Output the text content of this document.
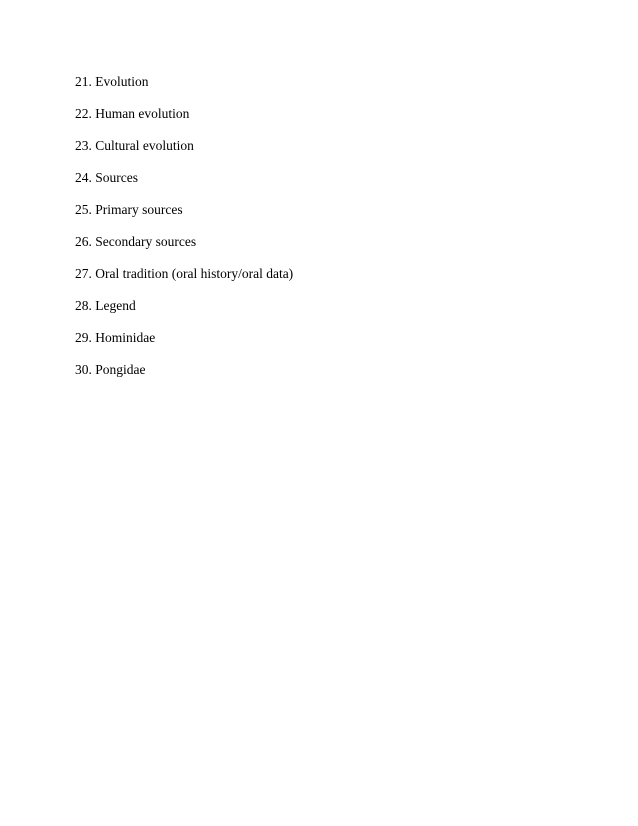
21. Evolution
22. Human evolution
23. Cultural evolution
24. Sources
25. Primary sources
26. Secondary sources
27. Oral tradition (oral history/oral data)
28. Legend
29. Hominidae
30. Pongidae
